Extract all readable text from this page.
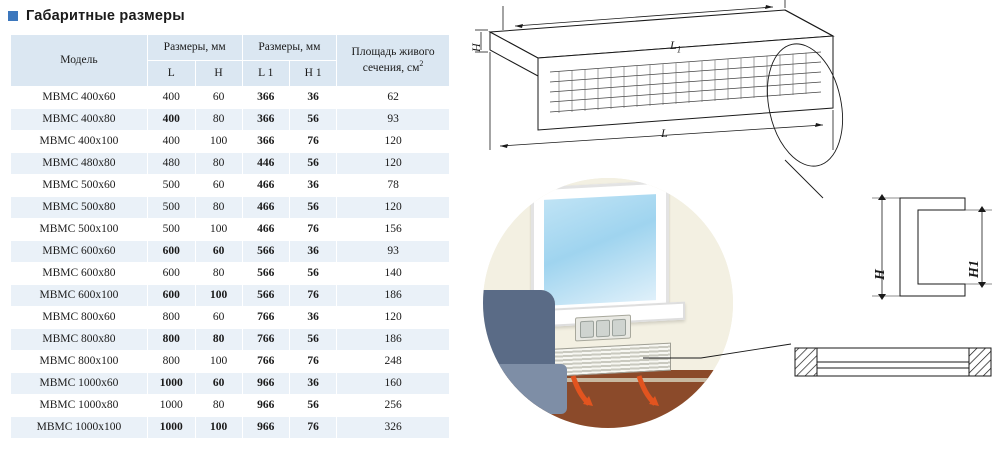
Габаритные размеры
Модель	Размеры, мм		Размеры, мм		Площадь живого сечения, $см^2$
	L	H	L 1	H 1	
МВМС 400х60	400	60	366	36	62
МВМС 400х80	400	80	366	56	93
МВМС 400х100	400	100	366	76	120
МВМС 480х80	480	80	446	56	120
МВМС 500х60	500	60	466	36	78
МВМС 500х80	500	80	466	56	120
МВМС 500х100	500	100	466	76	156
МВМС 600х60	600	60	566	36	93
МВМС 600х80	600	80	566	56	140
МВМС 600х100	600	100	566	76	186
МВМС 800х60	800	60	766	36	120
МВМС 800х80	800	80	766	56	186
МВМС 800х100	800	100	766	76	248
МВМС 1000х60	1000	60	966	36	160
МВМС 1000х80	1000	80	966	56	256
МВМС 1000х100	1000	100	966	76	326
$L_1$
L
H
H	H1
